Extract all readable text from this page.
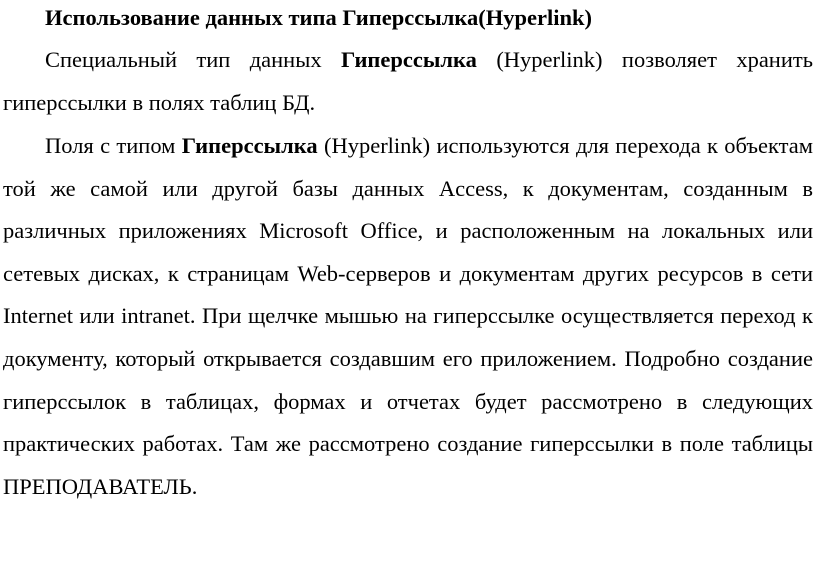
Использование данных типа Гиперссылка(Hyperlink)

Специальный тип данных Гиперссылка (Hyperlink) позволяет хранить гиперссылки в полях таблиц БД.

Поля с типом Гиперссылка (Hyperlink) используются для перехода к объектам той же самой или другой базы данных Access, к документам, созданным в различных приложениях Microsoft Office, и расположенным на локальных или сетевых дисках, к страницам Web-серверов и документам других ресурсов в сети Internet или intranet. При щелчке мышью на гиперссылке осуществляется переход к документу, который открывается создавшим его приложением. Подробно создание гиперссылок в таблицах, формах и отчетах будет рассмотрено в следующих практических работах. Там же рассмотрено создание гиперссылки в поле таблицы ПРЕПОДАВАТЕЛЬ.
